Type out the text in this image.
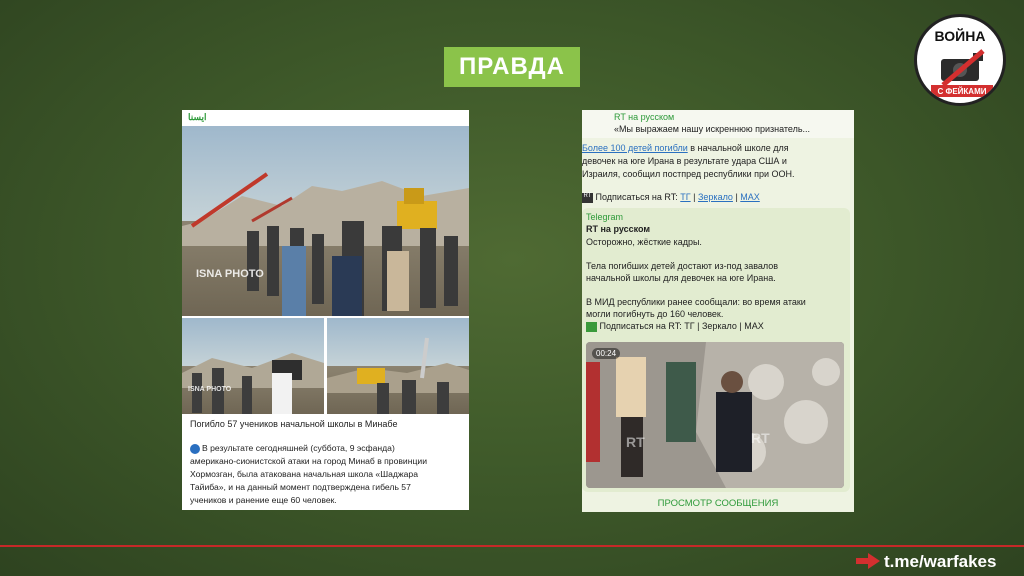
ПРАВДА
ВОЙНА
С ФЕЙКАМИ
ایسنا
ISNA PHOTO
ISNA PHOTO
Погибло 57 учеников начальной школы в Минабе
В результате сегодняшней (суббота, 9 эсфанда)
американо-сионистской атаки на город Минаб в провинции
Хормозган, была атакована начальная школа «Шаджара
Тайиба», и на данный момент подтверждена гибель 57
учеников и ранение еще 60 человек.
RT на русском
«Мы выражаем нашу искреннюю признатель...
Более 100 детей погибли в начальной школе для
девочек на юге Ирана в результате удара США и
Израиля, сообщил постпред республики при ООН.
RT Подписаться на RT: ТГ | Зеркало | MAX
Telegram
RT на русском
Осторожно, жёсткие кадры.
Тела погибших детей достают из-под завалов
начальной школы для девочек на юге Ирана.
В МИД республики ранее сообщали: во время атаки
могли погибнуть до 160 человек.
Подписаться на RT: ТГ | Зеркало | MAX
00:24
RT	RT
ПРОСМОТР СООБЩЕНИЯ
t.me/warfakes
